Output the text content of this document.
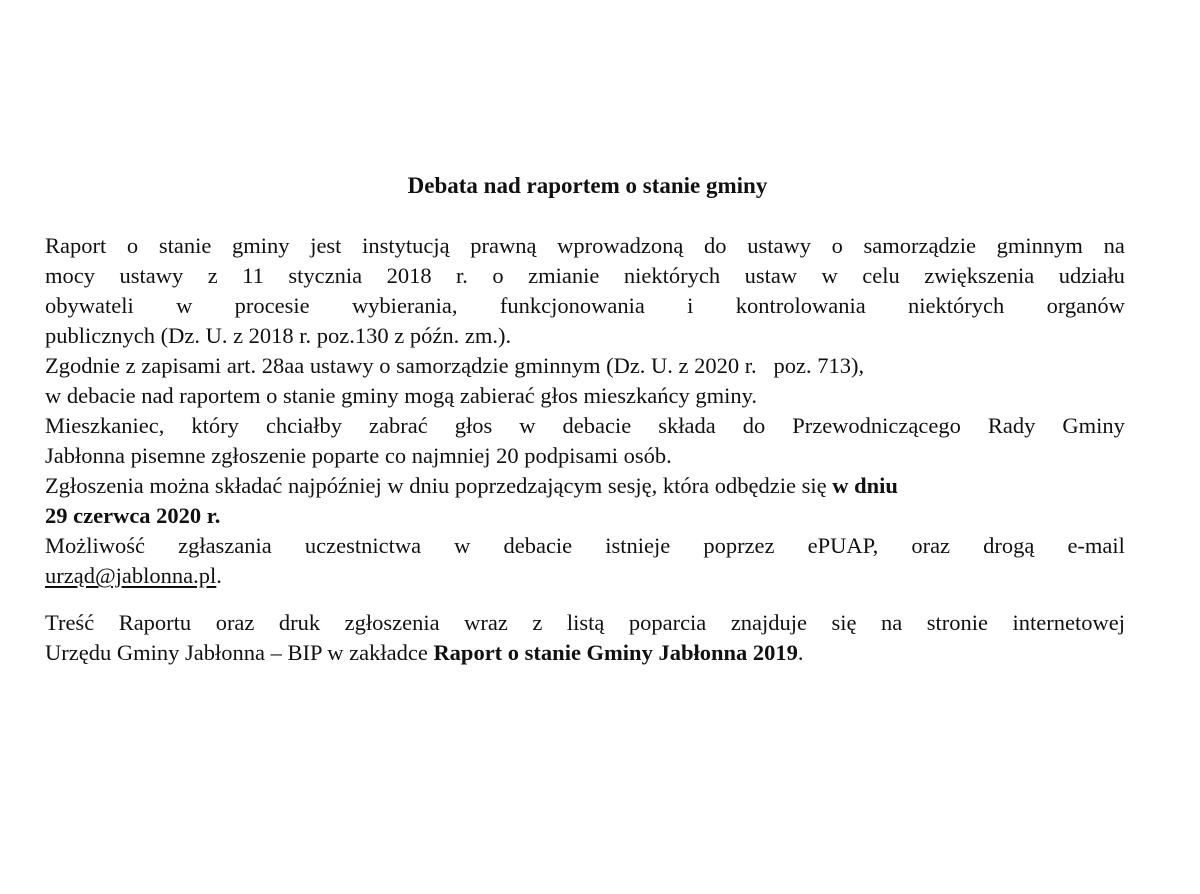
Debata nad raportem o stanie gminy
Raport o stanie gminy jest instytucją prawną wprowadzoną do ustawy o samorządzie gminnym na
mocy ustawy z 11 stycznia 2018 r. o zmianie niektórych ustaw w celu zwiększenia udziału
obywateli w procesie wybierania, funkcjonowania i kontrolowania niektórych organów
publicznych (Dz. U. z 2018 r. poz.130 z późn. zm.).
Zgodnie z zapisami art. 28aa ustawy o samorządzie gminnym (Dz. U. z 2020 r.   poz. 713),
w debacie nad raportem o stanie gminy mogą zabierać głos mieszkańcy gminy.
Mieszkaniec, który chciałby zabrać głos w debacie składa do Przewodniczącego Rady Gminy
Jabłonna pisemne zgłoszenie poparte co najmniej 20 podpisami osób.
Zgłoszenia można składać najpóźniej w dniu poprzedzającym sesję, która odbędzie się w dniu
29 czerwca 2020 r.
Możliwość zgłaszania uczestnictwa w debacie istnieje poprzez ePUAP, oraz drogą e-mail
urząd@jablonna.pl.
Treść Raportu oraz druk zgłoszenia wraz z listą poparcia znajduje się na stronie internetowej
Urzędu Gminy Jabłonna – BIP w zakładce Raport o stanie Gminy Jabłonna 2019.
